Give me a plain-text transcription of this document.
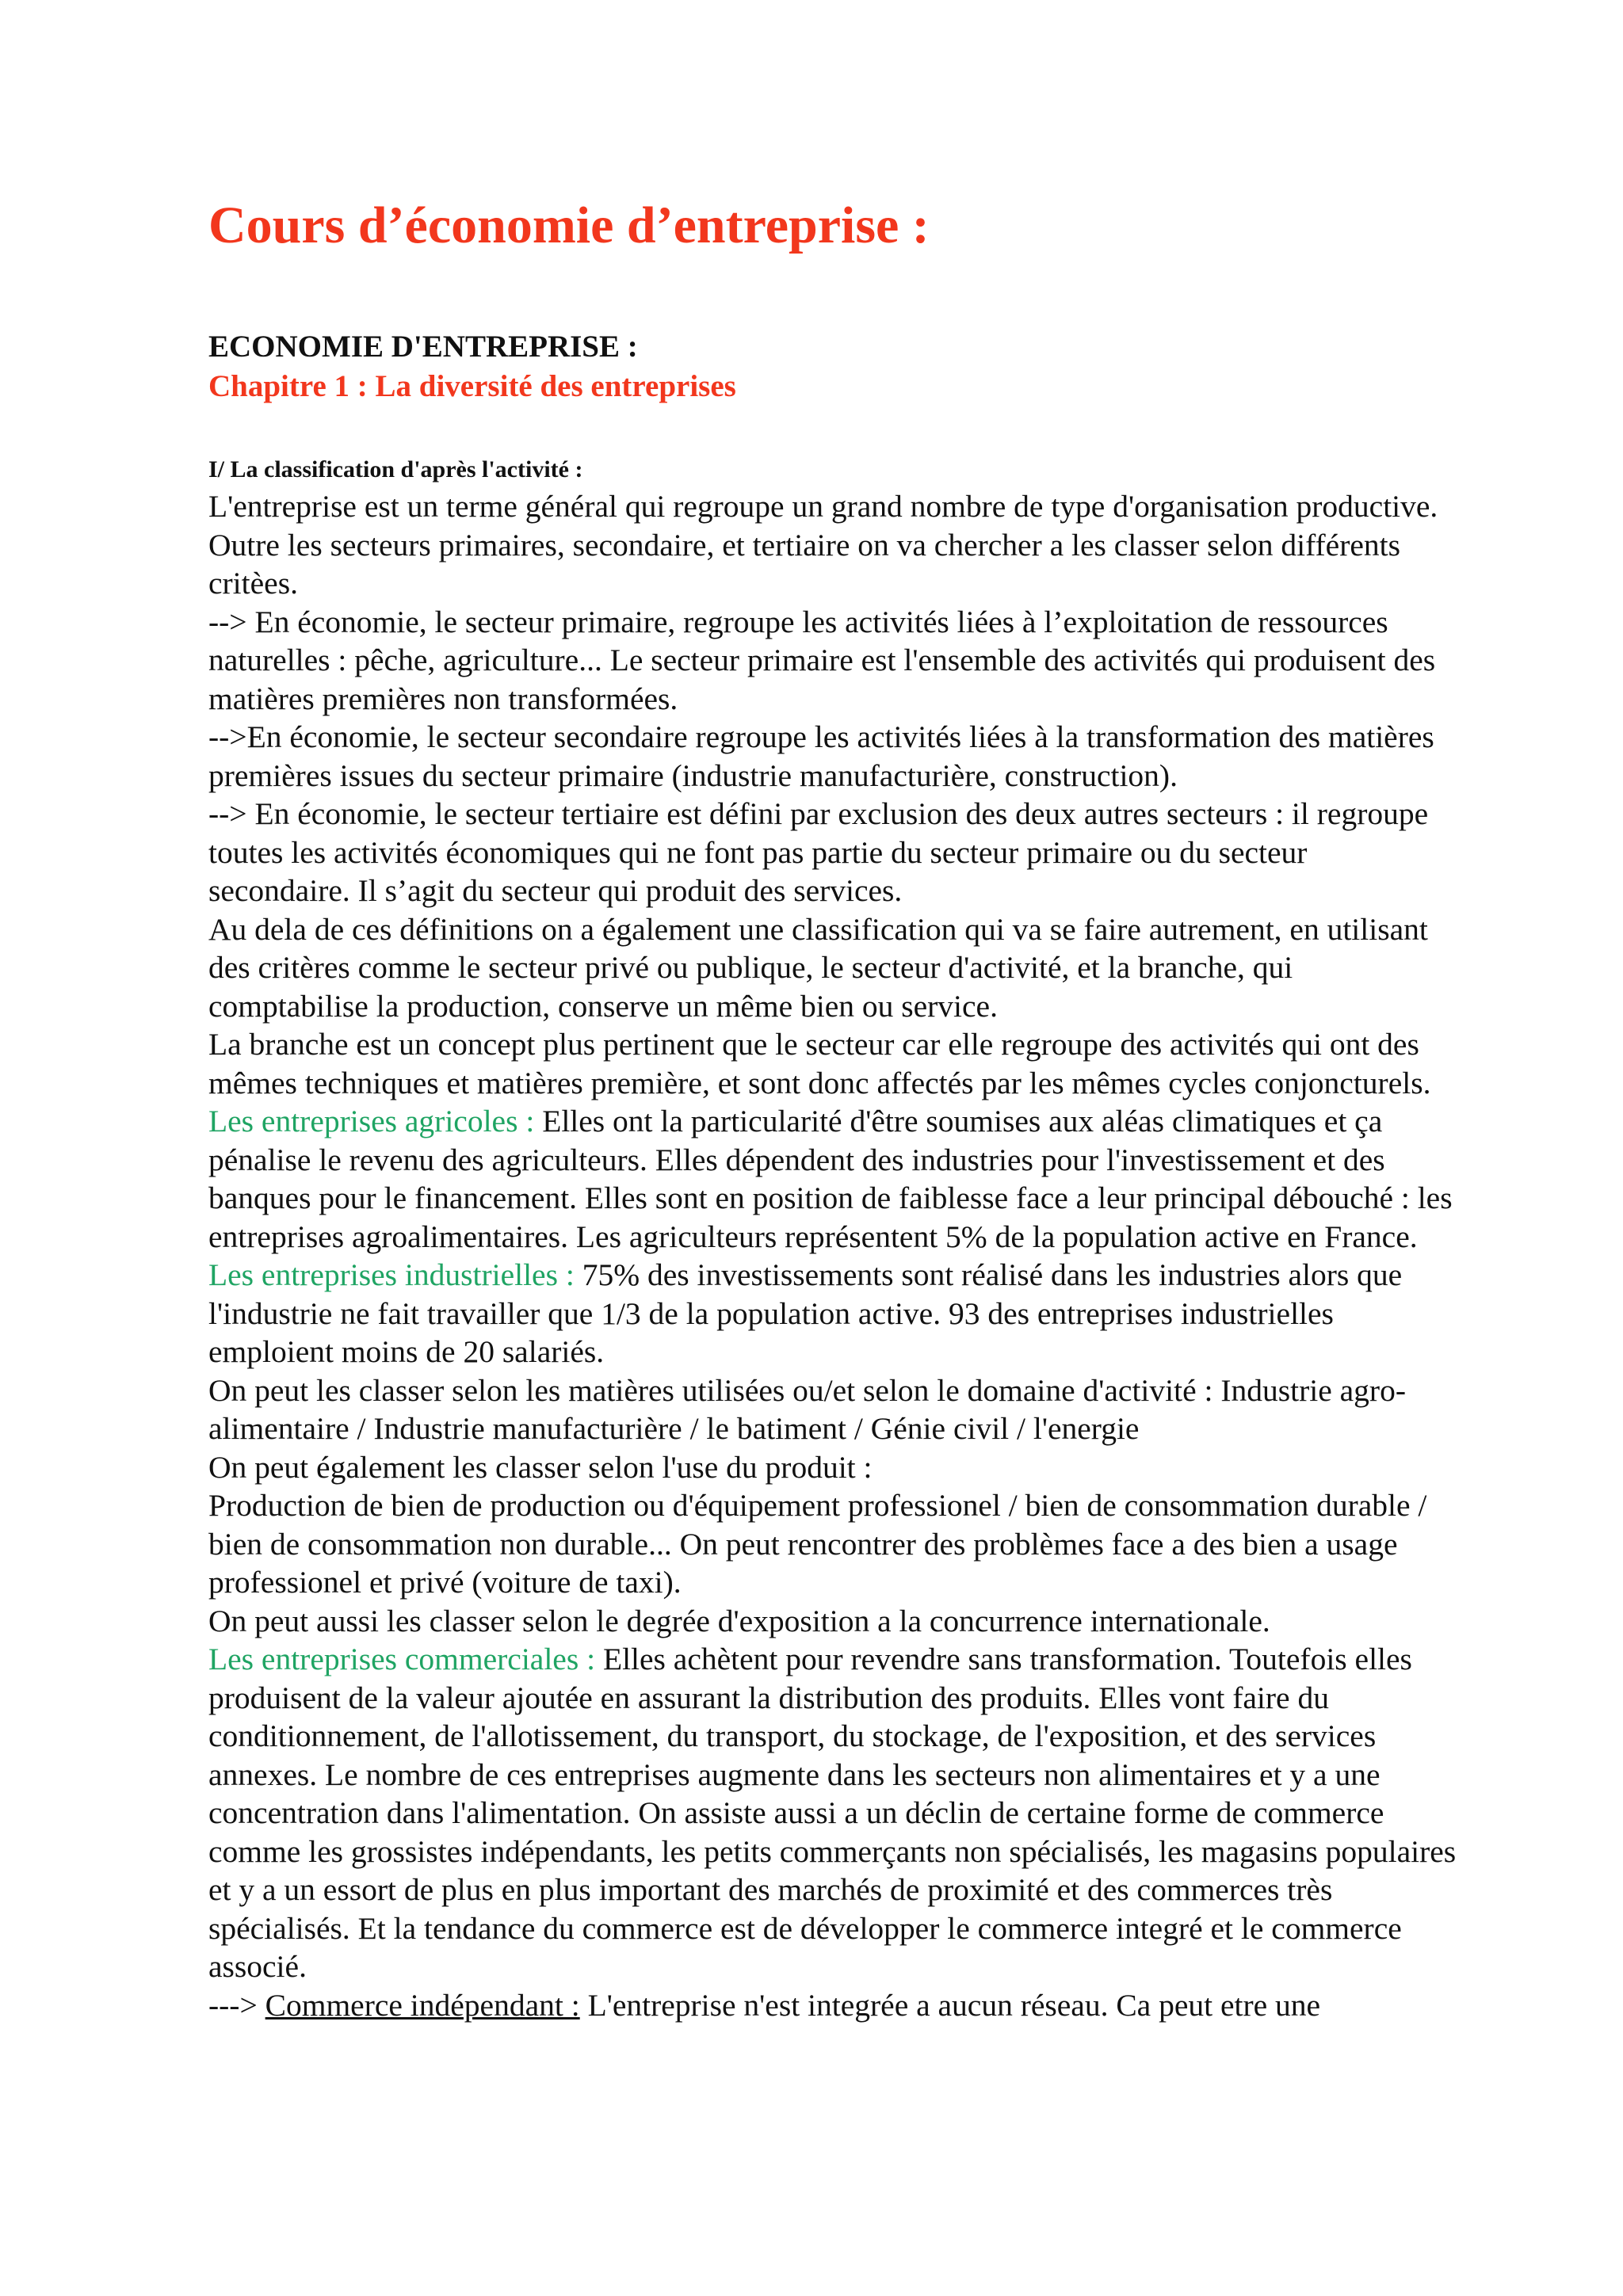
Cours d’économie d’entreprise :
ECONOMIE D'ENTREPRISE :
Chapitre 1 : La diversité des entreprises
I/ La classification d'après l'activité :

L'entreprise est un terme général qui regroupe un grand nombre de type d'organisation productive. Outre les secteurs primaires, secondaire, et tertiaire on va chercher a les classer selon différents critèes.
--> En économie, le secteur primaire, regroupe les activités liées à l’exploitation de ressources naturelles : pêche, agriculture... Le secteur primaire est l'ensemble des activités qui produisent des matières premières non transformées.
-->En économie, le secteur secondaire regroupe les activités liées à la transformation des matières premières issues du secteur primaire (industrie manufacturière, construction).
--> En économie, le secteur tertiaire est défini par exclusion des deux autres secteurs : il regroupe toutes les activités économiques qui ne font pas partie du secteur primaire ou du secteur secondaire. Il s’agit du secteur qui produit des services.
Au dela de ces définitions on a également une classification qui va se faire autrement, en utilisant des critères comme le secteur privé ou publique, le secteur d'activité, et la branche, qui comptabilise la production, conserve un même bien ou service.
La branche est un concept plus pertinent que le secteur car elle regroupe des activités qui ont des mêmes techniques et matières première, et sont donc affectés par les mêmes cycles conjoncturels.

Les entreprises agricoles : Elles ont la particularité d'être soumises aux aléas climatiques et ça pénalise le revenu des agriculteurs. Elles dépendent des industries pour l'investissement et des banques pour le financement. Elles sont en position de faiblesse face a leur principal débouché : les entreprises agroalimentaires. Les agriculteurs représentent 5% de la population active en France.

Les entreprises industrielles : 75% des investissements sont réalisé dans les industries alors que l'industrie ne fait travailler que 1/3 de la population active. 93 des entreprises industrielles emploient moins de 20 salariés.
On peut les classer selon les matières utilisées ou/et selon le domaine d'activité : Industrie agro-alimentaire / Industrie manufacturière / le batiment / Génie civil / l'energie
On peut également les classer selon l'use du produit :
Production de bien de production ou d'équipement professionel / bien de consommation durable / bien de consommation non durable... On peut rencontrer des problèmes face a des bien a usage professionel et privé (voiture de taxi).
On peut aussi les classer selon le degrée d'exposition a la concurrence internationale.

Les entreprises commerciales : Elles achètent pour revendre sans transformation. Toutefois elles produisent de la valeur ajoutée en assurant la distribution des produits. Elles vont faire du conditionnement, de l'allotissement, du transport, du stockage, de l'exposition, et des services annexes. Le nombre de ces entreprises augmente dans les secteurs non alimentaires et y a une concentration dans l'alimentation. On assiste aussi a un déclin de certaine forme de commerce comme les grossistes indépendants, les petits commerçants non spécialisés, les magasins populaires et y a un essort de plus en plus important des marchés de proximité et des commerces très spécialisés. Et la tendance du commerce est de développer le commerce integré et le commerce associé.

---> Commerce indépendant : L'entreprise n'est integrée a aucun réseau. Ca peut etre une
